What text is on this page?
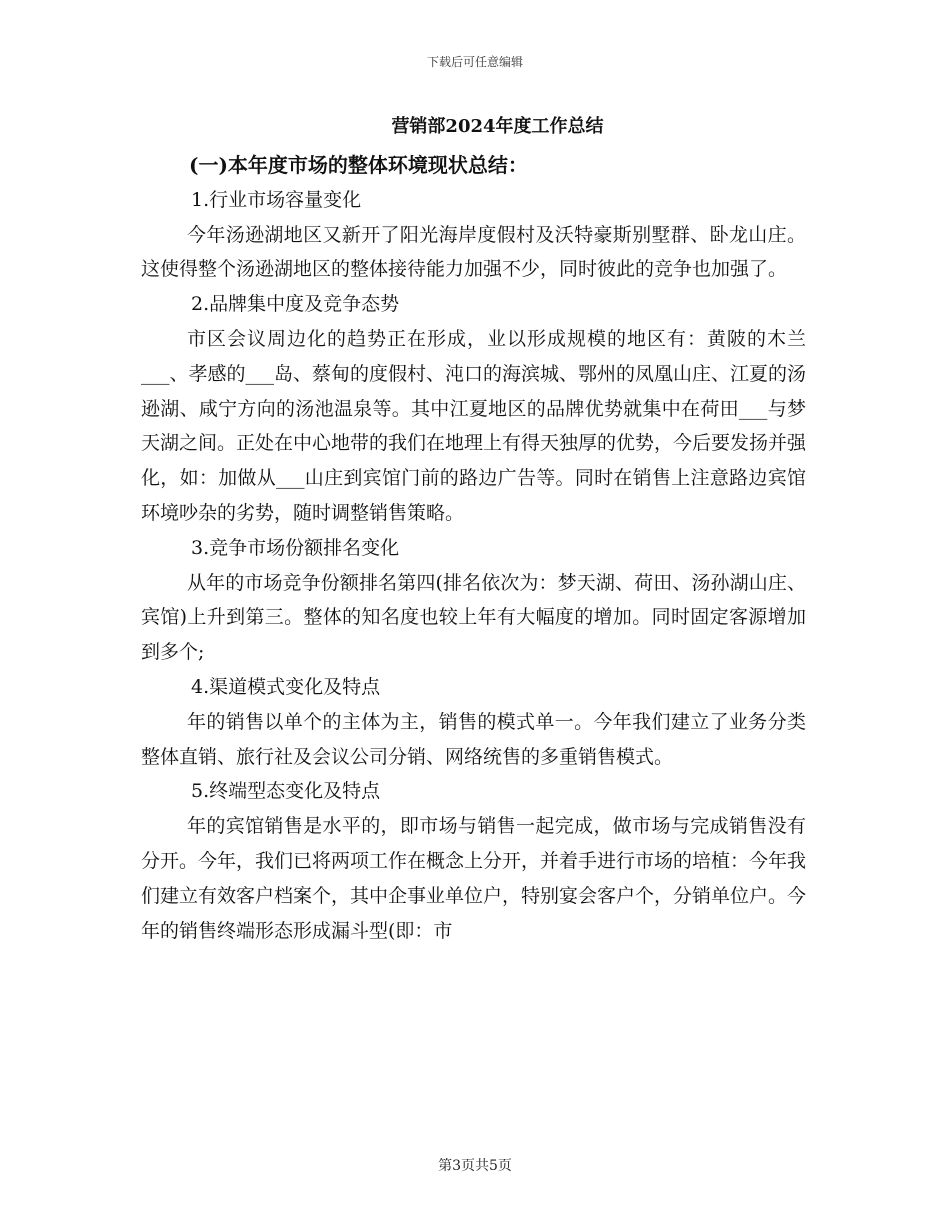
下载后可任意编辑
营销部2024年度工作总结

(一)本年度市场的整体环境现状总结：

1.行业市场容量变化

今年汤逊湖地区又新开了阳光海岸度假村及沃特豪斯别墅群、卧龙山庄。这使得整个汤逊湖地区的整体接待能力加强不少，同时彼此的竞争也加强了。

2.品牌集中度及竞争态势

市区会议周边化的趋势正在形成，业以形成规模的地区有：黄陂的木兰___、孝感的___岛、蔡甸的度假村、沌口的海滨城、鄂州的凤凰山庄、江夏的汤逊湖、咸宁方向的汤池温泉等。其中江夏地区的品牌优势就集中在荷田___与梦天湖之间。正处在中心地带的我们在地理上有得天独厚的优势，今后要发扬并强化，如：加做从___山庄到宾馆门前的路边广告等。同时在销售上注意路边宾馆环境吵杂的劣势，随时调整销售策略。

3.竞争市场份额排名变化

从年的市场竞争份额排名第四(排名依次为：梦天湖、荷田、汤孙湖山庄、宾馆)上升到第三。整体的知名度也较上年有大幅度的增加。同时固定客源增加到多个;

4.渠道模式变化及特点

年的销售以单个的主体为主，销售的模式单一。今年我们建立了业务分类整体直销、旅行社及会议公司分销、网络统售的多重销售模式。

5.终端型态变化及特点

年的宾馆销售是水平的，即市场与销售一起完成，做市场与完成销售没有分开。今年，我们已将两项工作在概念上分开，并着手进行市场的培植：今年我们建立有效客户档案个，其中企事业单位户，特别宴会客户个，分销单位户。今年的销售终端形态形成漏斗型(即：市

第3页共5页
